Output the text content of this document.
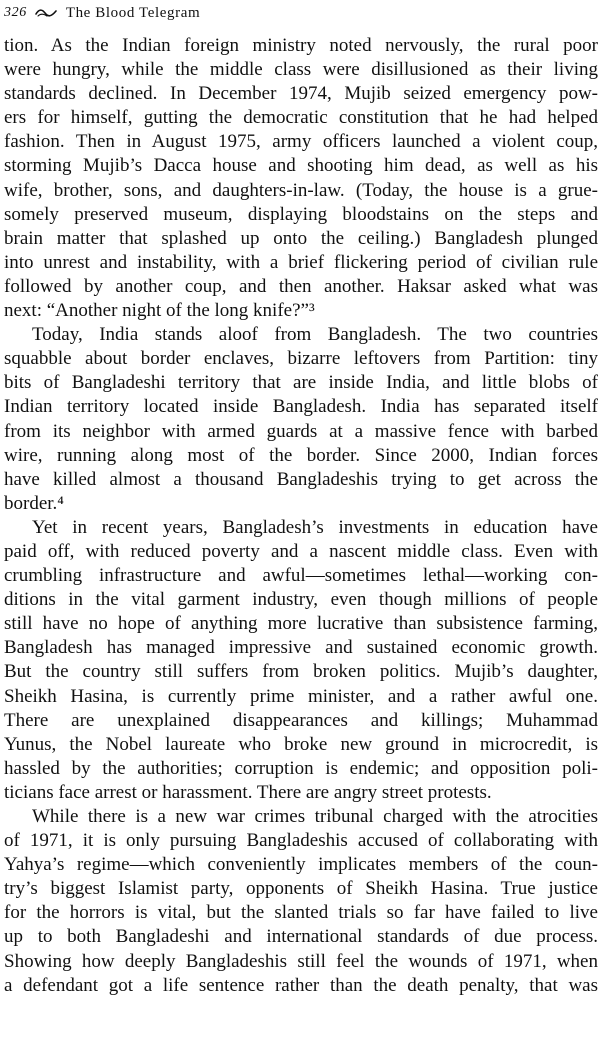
326	The Blood Telegram
tion. As the Indian foreign ministry noted nervously, the rural poor
were hungry, while the middle class were disillusioned as their living
standards declined. In December 1974, Mujib seized emergency pow-
ers for himself, gutting the democratic constitution that he had helped
fashion. Then in August 1975, army officers launched a violent coup,
storming Mujib’s Dacca house and shooting him dead, as well as his
wife, brother, sons, and daughters-in-law. (Today, the house is a grue-
somely preserved museum, displaying bloodstains on the steps and
brain matter that splashed up onto the ceiling.) Bangladesh plunged
into unrest and instability, with a brief flickering period of civilian rule
followed by another coup, and then another. Haksar asked what was
next: “Another night of the long knife?”³
Today, India stands aloof from Bangladesh. The two countries
squabble about border enclaves, bizarre leftovers from Partition: tiny
bits of Bangladeshi territory that are inside India, and little blobs of
Indian territory located inside Bangladesh. India has separated itself
from its neighbor with armed guards at a massive fence with barbed
wire, running along most of the border. Since 2000, Indian forces
have killed almost a thousand Bangladeshis trying to get across the
border.⁴
Yet in recent years, Bangladesh’s investments in education have
paid off, with reduced poverty and a nascent middle class. Even with
crumbling infrastructure and awful—sometimes lethal—working con-
ditions in the vital garment industry, even though millions of people
still have no hope of anything more lucrative than subsistence farming,
Bangladesh has managed impressive and sustained economic growth.
But the country still suffers from broken politics. Mujib’s daughter,
Sheikh Hasina, is currently prime minister, and a rather awful one.
There are unexplained disappearances and killings; Muhammad
Yunus, the Nobel laureate who broke new ground in microcredit, is
hassled by the authorities; corruption is endemic; and opposition poli-
ticians face arrest or harassment. There are angry street protests.
While there is a new war crimes tribunal charged with the atrocities
of 1971, it is only pursuing Bangladeshis accused of collaborating with
Yahya’s regime—which conveniently implicates members of the coun-
try’s biggest Islamist party, opponents of Sheikh Hasina. True justice
for the horrors is vital, but the slanted trials so far have failed to live
up to both Bangladeshi and international standards of due process.
Showing how deeply Bangladeshis still feel the wounds of 1971, when
a defendant got a life sentence rather than the death penalty, that was
